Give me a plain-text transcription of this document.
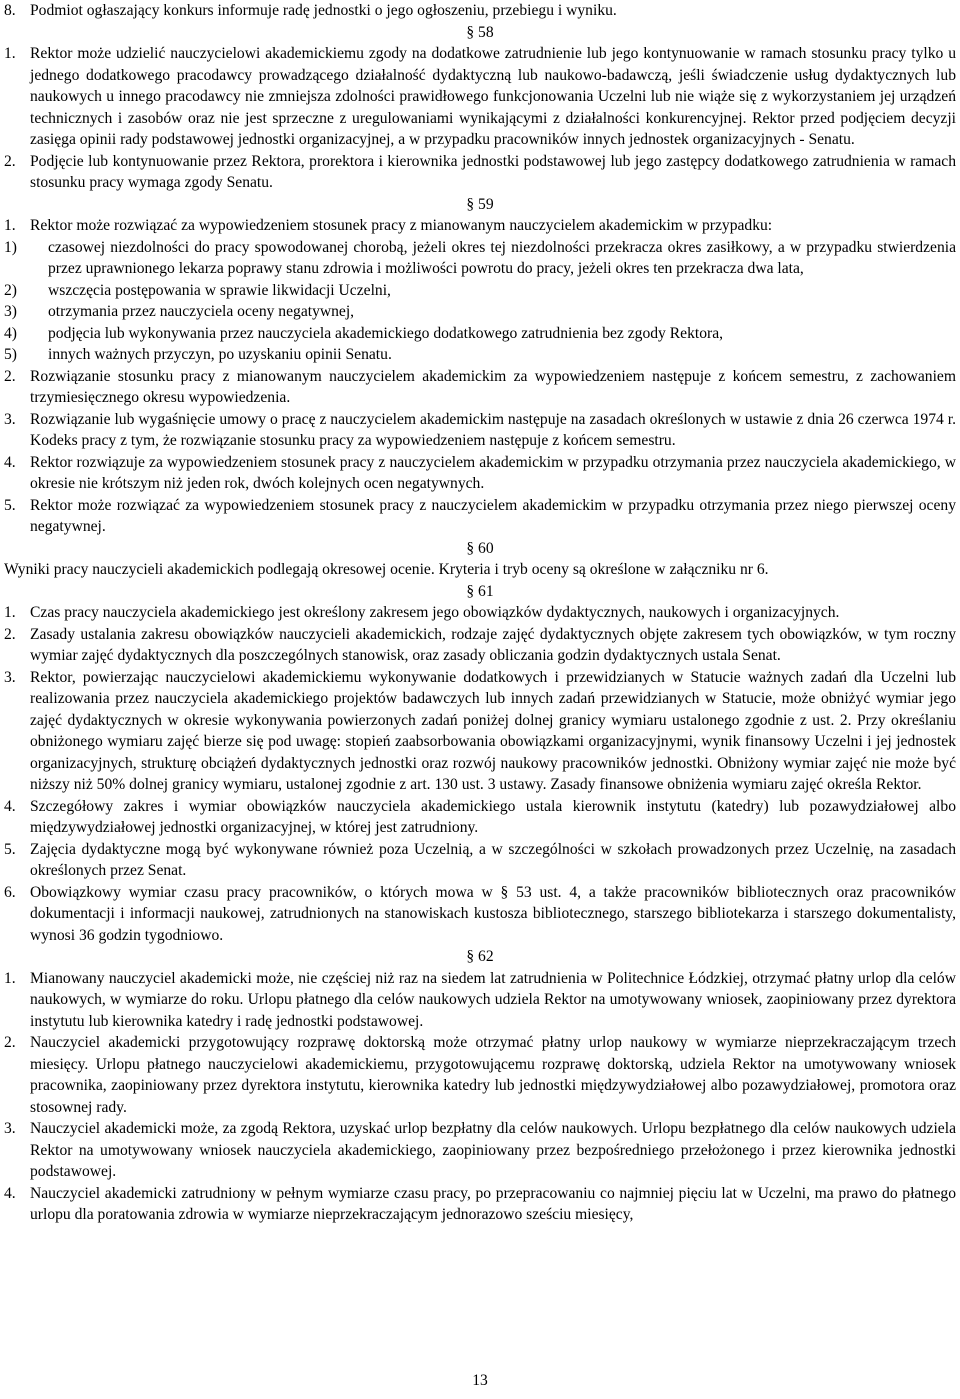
8. Podmiot ogłaszający konkurs informuje radę jednostki o jego ogłoszeniu, przebiegu i wyniku.

§ 58

1. Rektor może udzielić nauczycielowi akademickiemu zgody na dodatkowe zatrudnienie lub jego kontynuowanie w ramach stosunku pracy tylko u jednego dodatkowego pracodawcy prowadzącego działalność dydaktyczną lub naukowo-badawczą, jeśli świadczenie usług dydaktycznych lub naukowych u innego pracodawcy nie zmniejsza zdolności prawidłowego funkcjonowania Uczelni lub nie wiąże się z wykorzystaniem jej urządzeń technicznych i zasobów oraz nie jest sprzeczne z uregulowaniami wynikającymi z działalności konkurencyjnej. Rektor przed podjęciem decyzji zasięga opinii rady podstawowej jednostki organizacyjnej, a w przypadku pracowników innych jednostek organizacyjnych - Senatu.
2. Podjęcie lub kontynuowanie przez Rektora, prorektora i kierownika jednostki podstawowej lub jego zastępcy dodatkowego zatrudnienia w ramach stosunku pracy wymaga zgody Senatu.

§ 59

1. Rektor może rozwiązać za wypowiedzeniem stosunek pracy z mianowanym nauczycielem akademickim w przypadku:
1) czasowej niezdolności do pracy spowodowanej chorobą, jeżeli okres tej niezdolności przekracza okres zasiłkowy, a w przypadku stwierdzenia przez uprawnionego lekarza poprawy stanu zdrowia i możliwości powrotu do pracy, jeżeli okres ten przekracza dwa lata,
2) wszczęcia postępowania w sprawie likwidacji Uczelni,
3) otrzymania przez nauczyciela oceny negatywnej,
4) podjęcia lub wykonywania przez nauczyciela akademickiego dodatkowego zatrudnienia bez zgody Rektora,
5) innych ważnych przyczyn, po uzyskaniu opinii Senatu.
2. Rozwiązanie stosunku pracy z mianowanym nauczycielem akademickim za wypowiedzeniem następuje z końcem semestru, z zachowaniem trzymiesięcznego okresu wypowiedzenia.
3. Rozwiązanie lub wygaśnięcie umowy o pracę z nauczycielem akademickim następuje na zasadach określonych w ustawie z dnia 26 czerwca 1974 r. Kodeks pracy z tym, że rozwiązanie stosunku pracy za wypowiedzeniem następuje z końcem semestru.
4. Rektor rozwiązuje za wypowiedzeniem stosunek pracy z nauczycielem akademickim w przypadku otrzymania przez nauczyciela akademickiego, w okresie nie krótszym niż jeden rok, dwóch kolejnych ocen negatywnych.
5. Rektor może rozwiązać za wypowiedzeniem stosunek pracy z nauczycielem akademickim w przypadku otrzymania przez niego pierwszej oceny negatywnej.

§ 60

Wyniki pracy nauczycieli akademickich podlegają okresowej ocenie. Kryteria i tryb oceny są określone w załączniku nr 6.

§ 61

1. Czas pracy nauczyciela akademickiego jest określony zakresem jego obowiązków dydaktycznych, naukowych i organizacyjnych.
2. Zasady ustalania zakresu obowiązków nauczycieli akademickich, rodzaje zajęć dydaktycznych objęte zakresem tych obowiązków, w tym roczny wymiar zajęć dydaktycznych dla poszczególnych stanowisk, oraz zasady obliczania godzin dydaktycznych ustala Senat.
3. Rektor, powierzając nauczycielowi akademickiemu wykonywanie dodatkowych i przewidzianych w Statucie ważnych zadań dla Uczelni lub realizowania przez nauczyciela akademickiego projektów badawczych lub innych zadań przewidzianych w Statucie, może obniżyć wymiar jego zajęć dydaktycznych w okresie wykonywania powierzonych zadań poniżej dolnej granicy wymiaru ustalonego zgodnie z ust. 2. Przy określaniu obniżonego wymiaru zajęć bierze się pod uwagę: stopień zaabsorbowania obowiązkami organizacyjnymi, wynik finansowy Uczelni i jej jednostek organizacyjnych, strukturę obciążeń dydaktycznych jednostki oraz rozwój naukowy pracowników jednostki. Obniżony wymiar zajęć nie może być niższy niż 50% dolnej granicy wymiaru, ustalonej zgodnie z art. 130 ust. 3 ustawy. Zasady finansowe obniżenia wymiaru zajęć określa Rektor.
4. Szczegółowy zakres i wymiar obowiązków nauczyciela akademickiego ustala kierownik instytutu (katedry) lub pozawydziałowej albo międzywydziałowej jednostki organizacyjnej, w której jest zatrudniony.
5. Zajęcia dydaktyczne mogą być wykonywane również poza Uczelnią, a w szczególności w szkołach prowadzonych przez Uczelnię, na zasadach określonych przez Senat.
6. Obowiązkowy wymiar czasu pracy pracowników, o których mowa w § 53 ust. 4, a także pracowników bibliotecznych oraz pracowników dokumentacji i informacji naukowej, zatrudnionych na stanowiskach kustosza bibliotecznego, starszego bibliotekarza i starszego dokumentalisty, wynosi 36 godzin tygodniowo.

§ 62

1. Mianowany nauczyciel akademicki może, nie częściej niż raz na siedem lat zatrudnienia w Politechnice Łódzkiej, otrzymać płatny urlop dla celów naukowych, w wymiarze do roku. Urlopu płatnego dla celów naukowych udziela Rektor na umotywowany wniosek, zaopiniowany przez dyrektora instytutu lub kierownika katedry i radę jednostki podstawowej.
2. Nauczyciel akademicki przygotowujący rozprawę doktorską może otrzymać płatny urlop naukowy w wymiarze nieprzekraczającym trzech miesięcy. Urlopu płatnego nauczycielowi akademickiemu, przygotowującemu rozprawę doktorską, udziela Rektor na umotywowany wniosek pracownika, zaopiniowany przez dyrektora instytutu, kierownika katedry lub jednostki międzywydziałowej albo pozawydziałowej, promotora oraz stosownej rady.
3. Nauczyciel akademicki może, za zgodą Rektora, uzyskać urlop bezpłatny dla celów naukowych. Urlopu bezpłatnego dla celów naukowych udziela Rektor na umotywowany wniosek nauczyciela akademickiego, zaopiniowany przez bezpośredniego przełożonego i przez kierownika jednostki podstawowej.
4. Nauczyciel akademicki zatrudniony w pełnym wymiarze czasu pracy, po przepracowaniu co najmniej pięciu lat w Uczelni, ma prawo do płatnego urlopu dla poratowania zdrowia w wymiarze nieprzekraczającym jednorazowo sześciu miesięcy,
13
